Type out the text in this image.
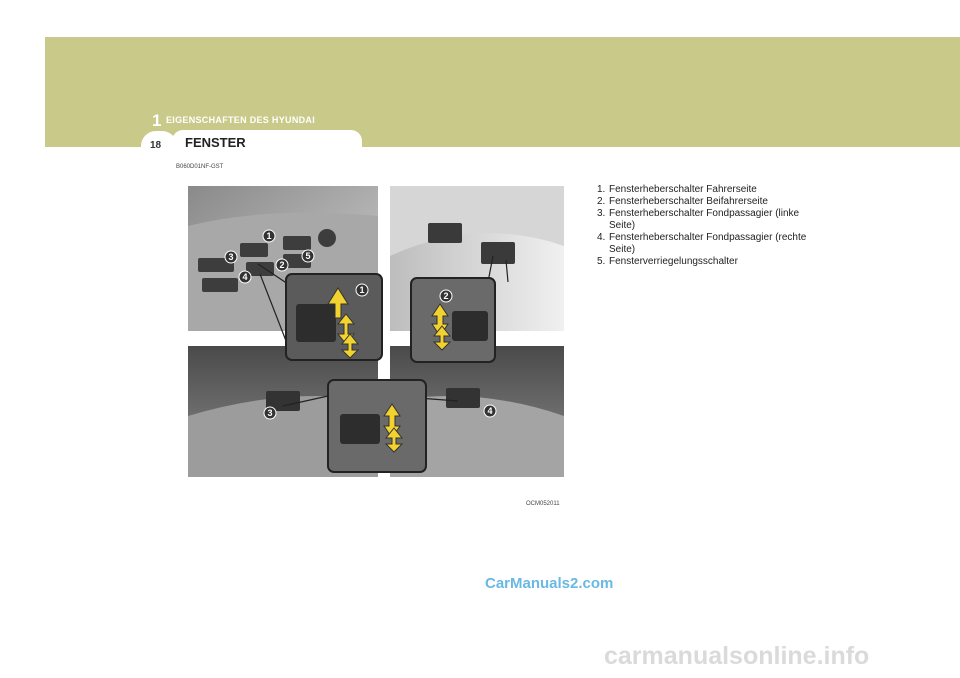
1 EIGENSCHAFTEN DES HYUNDAI
18 FENSTER
B060D01NF-GST
1
1
2
2
3
3
4
4
5
OCM052011
1. Fensterheberschalter Fahrerseite
2. Fensterheberschalter Beifahrerseite
3. Fensterheberschalter Fondpassagier (linke Seite)
4. Fensterheberschalter Fondpassagier (rechte Seite)
5. Fensterverriegelungsschalter
CarManuals2.com
carmanualsonline.info
